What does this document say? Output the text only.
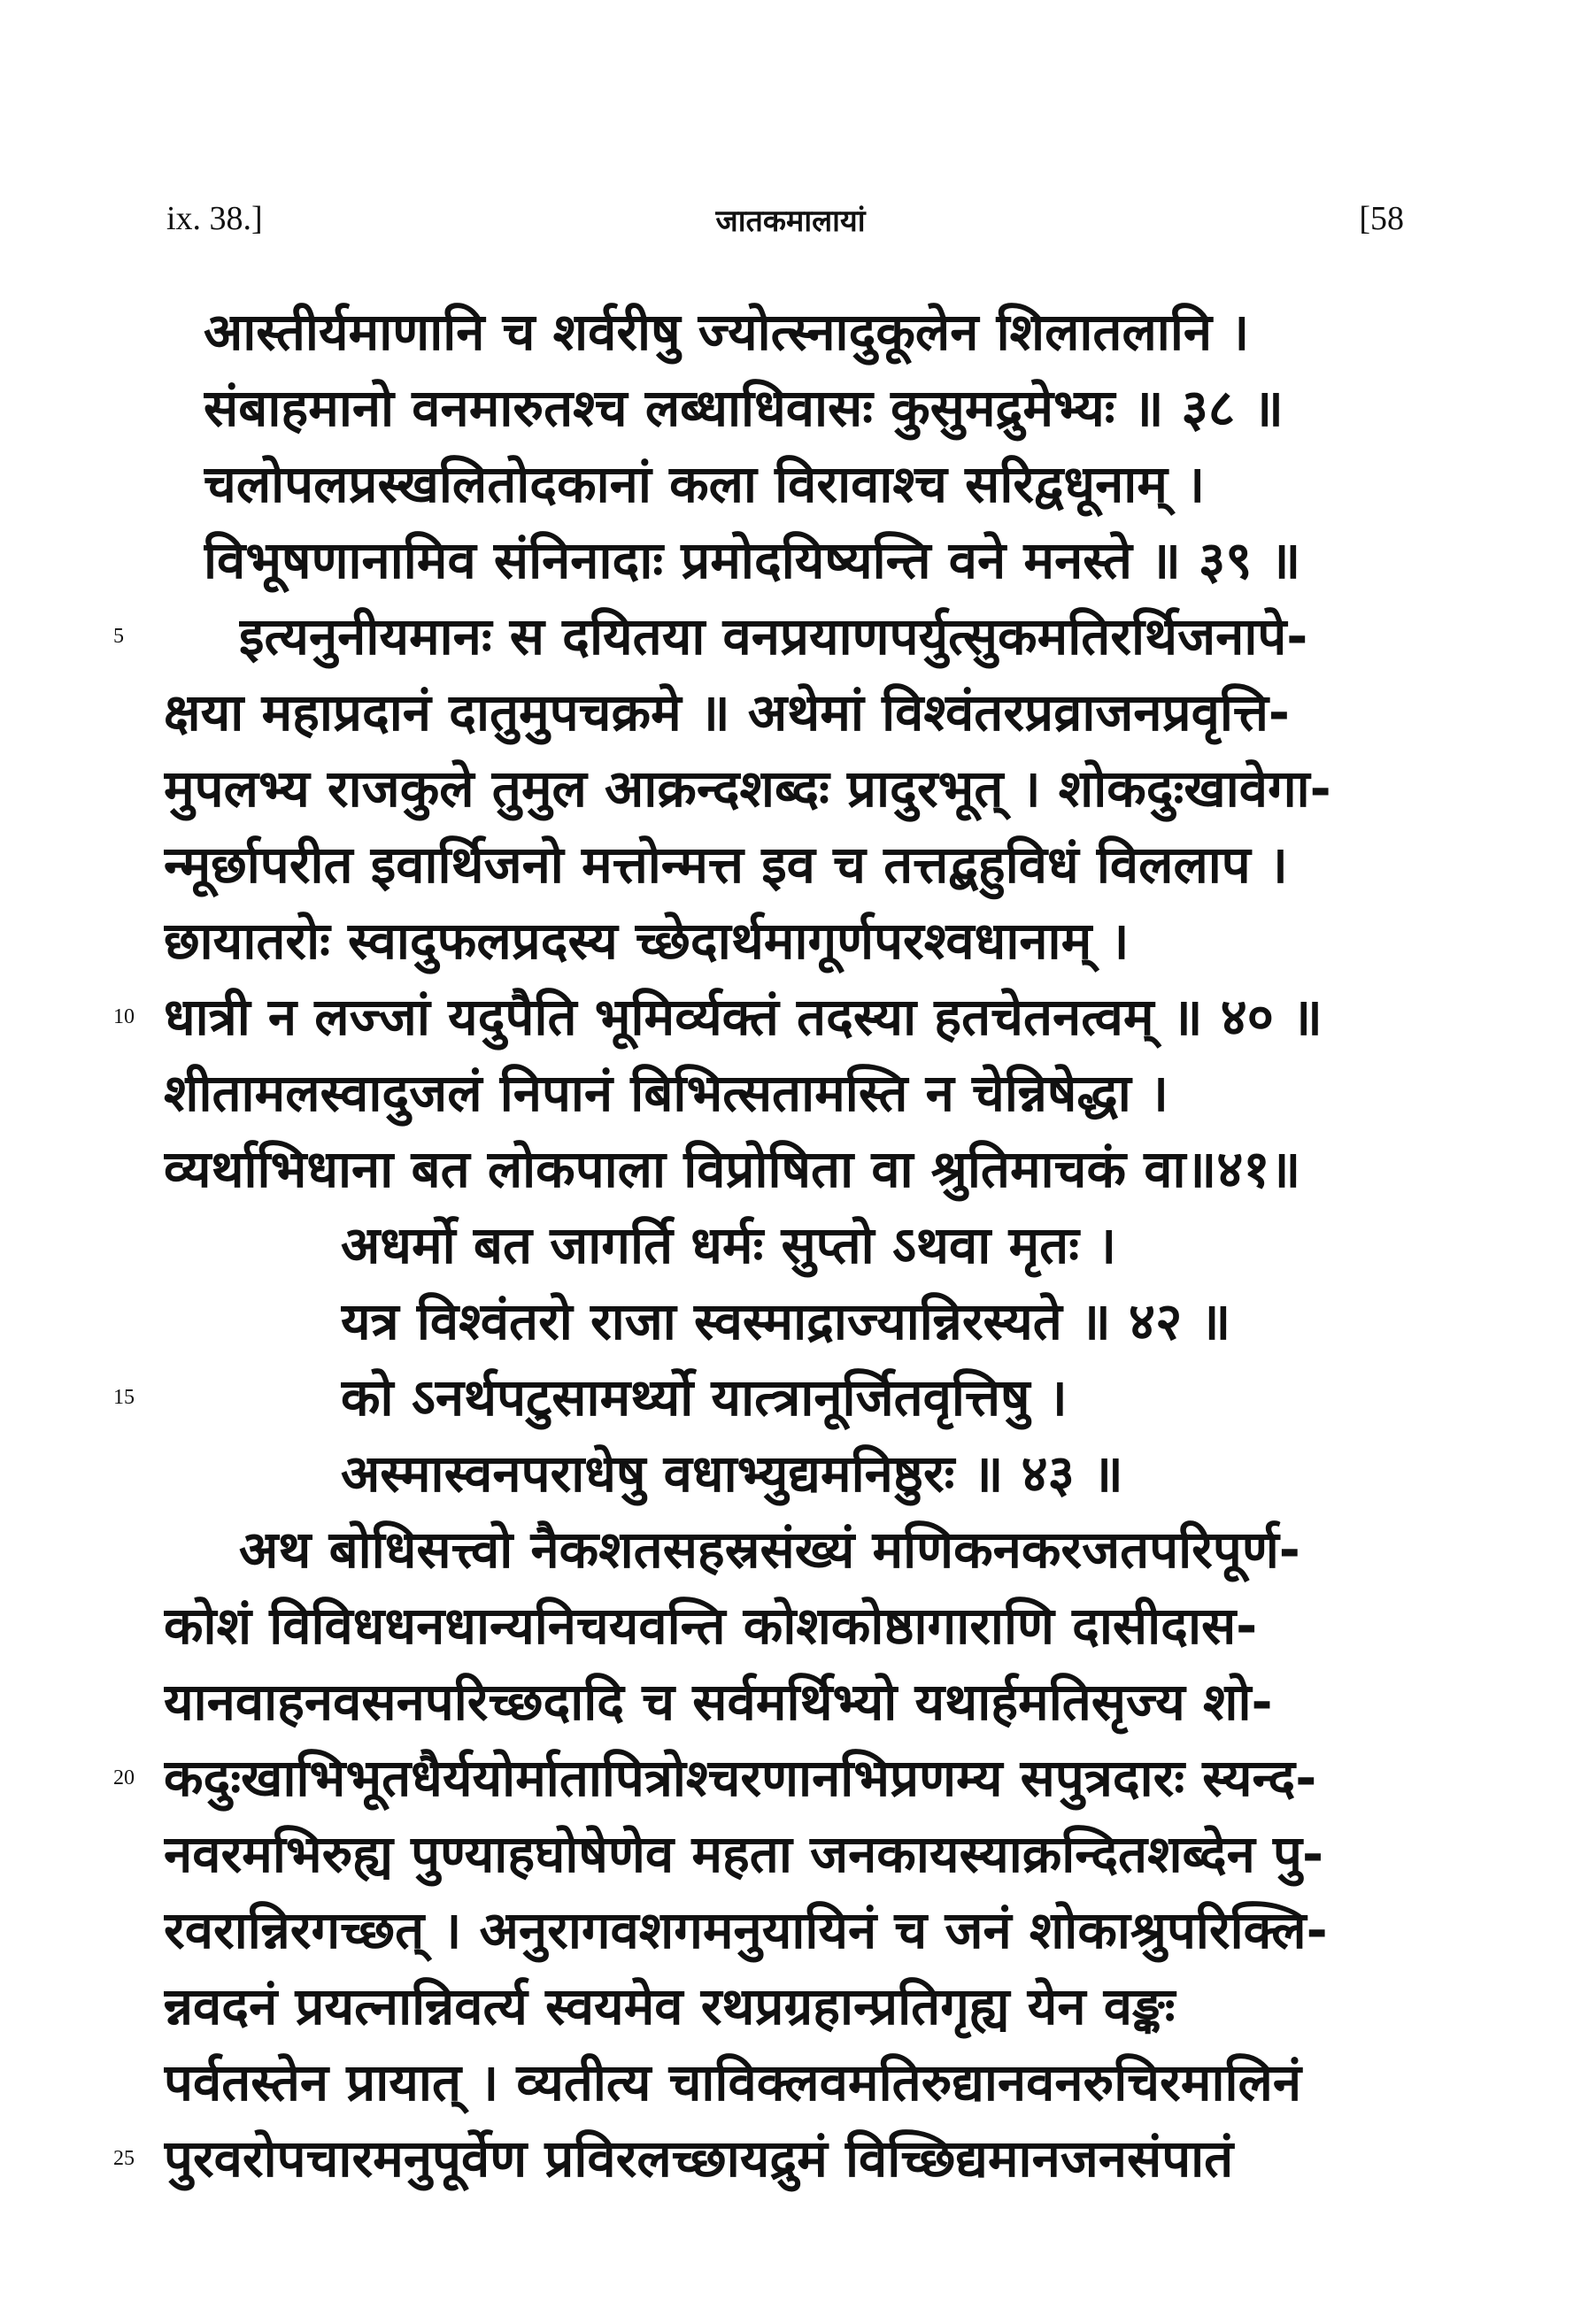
ix. 38.]	जातकमालायां	[58
आस्तीर्यमाणानि च शर्वरीषु ज्योत्स्नादुकूलेन शिलातलानि ।
संबाहमानो वनमारुतश्च लब्धाधिवासः कुसुमद्रुमेभ्यः ॥ ३८ ॥
चलोपलप्रस्खलितोदकानां कला विरावाश्च सरिद्वधूनाम् ।
विभूषणानामिव संनिनादाः प्रमोदयिष्यन्ति वने मनस्ते ॥ ३९ ॥
5	इत्यनुनीयमानः स दयितया वनप्रयाणपर्युत्सुकमतिरर्थिजनापे-
क्षया महाप्रदानं दातुमुपचक्रमे ॥ अथेमां विश्वंतरप्रव्राजनप्रवृत्ति-
मुपलभ्य राजकुले तुमुल आक्रन्दशब्दः प्रादुरभूत् । शोकदुःखावेगा-
न्मूर्छापरीत इवार्थिजनो मत्तोन्मत्त इव च तत्तद्बहुविधं विललाप ।
छायातरोः स्वादुफलप्रदस्य च्छेदार्थमागूर्णपरश्वधानाम् ।
10 धात्री न लज्जां यदुपैति भूमिर्व्यक्तं तदस्या हतचेतनत्वम् ॥ ४० ॥
शीतामलस्वादुजलं निपानं बिभित्सतामस्ति न चेन्निषेद्धा ।
व्यर्थाभिधाना बत लोकपाला विप्रोषिता वा श्रुतिमाचकं वा॥४१॥
अधर्मो बत जागर्ति धर्मः सुप्तो ऽथवा मृतः ।
यत्र विश्वंतरो राजा स्वस्माद्राज्यान्निरस्यते ॥ ४२ ॥
15	को ऽनर्थपटुसामर्थ्यो यात्त्रानूर्जितवृत्तिषु ।
अस्मास्वनपराधेषु वधाभ्युद्यमनिष्ठुरः ॥ ४३ ॥
अथ बोधिसत्त्वो नैकशतसहस्रसंख्यं मणिकनकरजतपरिपूर्ण-
कोशं विविधधनधान्यनिचयवन्ति कोशकोष्ठागाराणि दासीदास-
यानवाहनवसनपरिच्छदादि च सर्वमर्थिभ्यो यथार्हमतिसृज्य शो-
20 कदुःखाभिभूतधैर्ययोर्मातापित्रोश्चरणानभिप्रणम्य सपुत्रदारः स्यन्द-
नवरमभिरुह्य पुण्याहघोषेणेव महता जनकायस्याक्रन्दितशब्देन पु-
रवरान्निरगच्छत् । अनुरागवशगमनुयायिनं च जनं शोकाश्रुपरिक्लि-
न्नवदनं प्रयत्नान्निवर्त्य स्वयमेव रथप्रग्रहान्प्रतिगृह्य येन वङ्कः
पर्वतस्तेन प्रायात् । व्यतीत्य चाविक्लवमतिरुद्यानवनरुचिरमालिनं
25 पुरवरोपचारमनुपूर्वेण प्रविरलच्छायद्रुमं विच्छिद्यमानजनसंपातं
